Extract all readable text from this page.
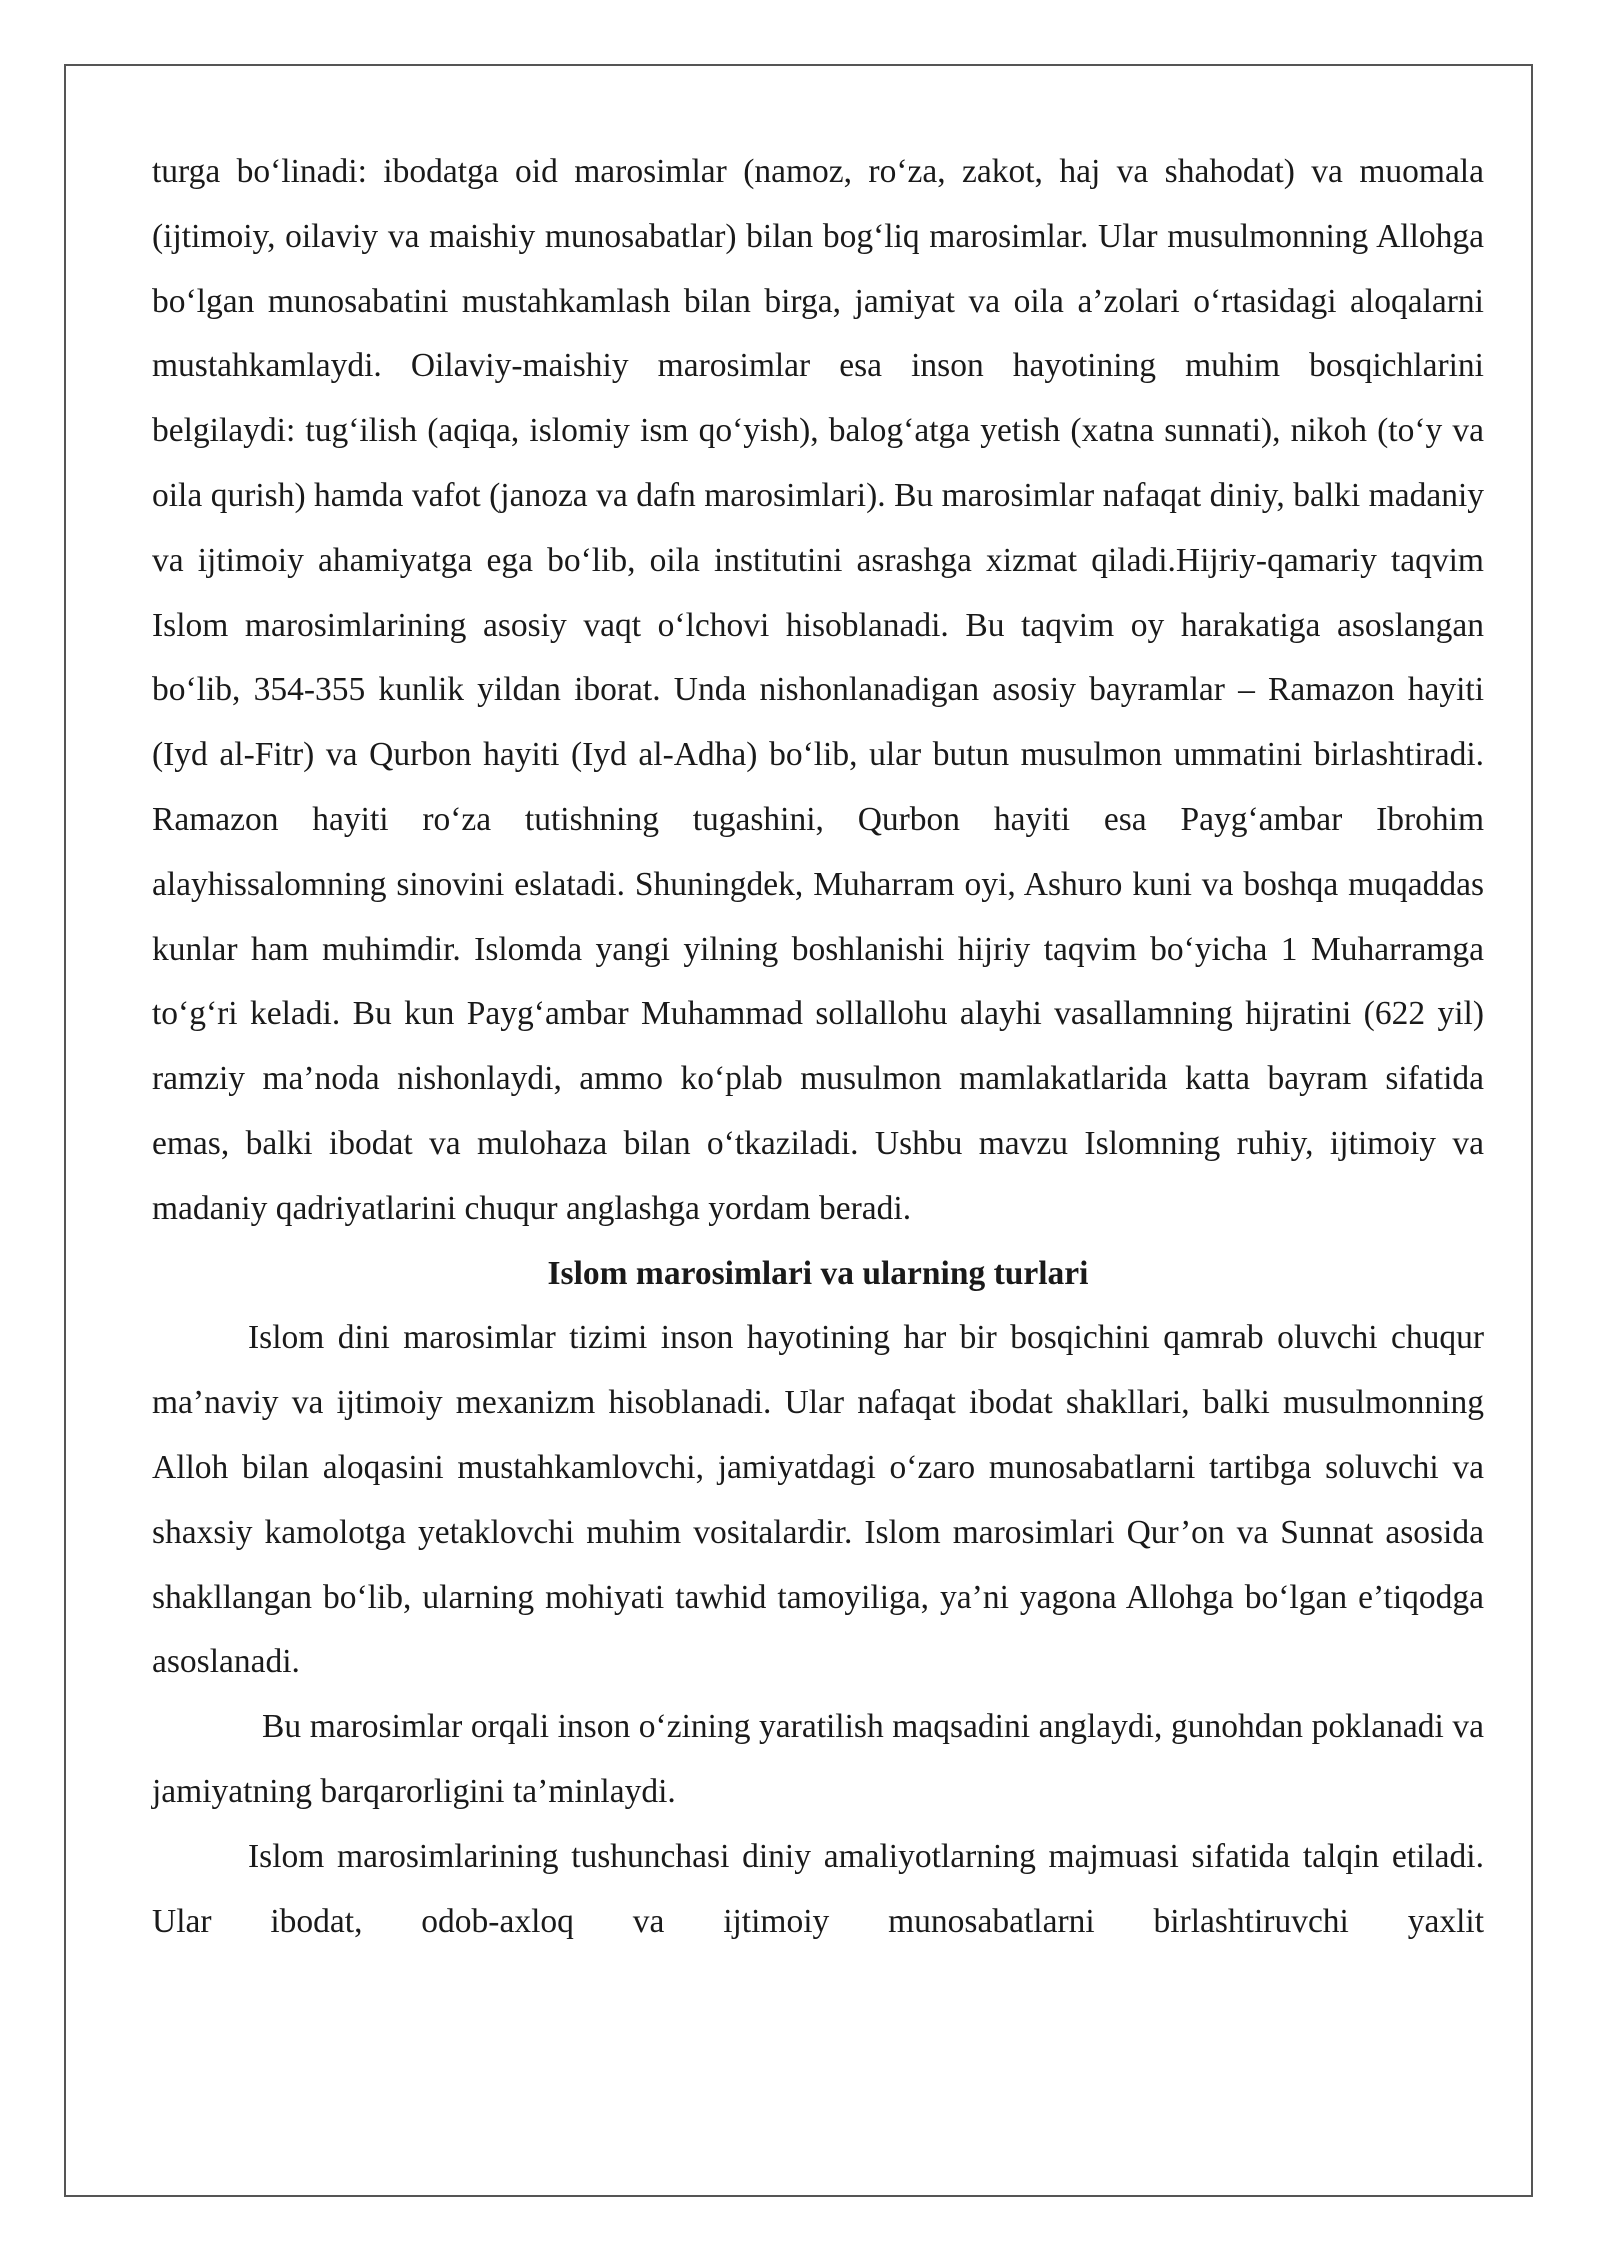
turga bo‘linadi: ibodatga oid marosimlar (namoz, ro‘za, zakot, haj va shahodat) va muomala (ijtimoiy, oilaviy va maishiy munosabatlar) bilan bog‘liq marosimlar. Ular musulmonning Allohga bo‘lgan munosabatini mustahkamlash bilan birga, jamiyat va oila a’zolari o‘rtasidagi aloqalarni mustahkamlaydi. Oilaviy-maishiy marosimlar esa inson hayotining muhim bosqichlarini belgilaydi: tug‘ilish (aqiqa, islomiy ism qo‘yish), balog‘atga yetish (xatna sunnati), nikoh (to‘y va oila qurish) hamda vafot (janoza va dafn marosimlari). Bu marosimlar nafaqat diniy, balki madaniy va ijtimoiy ahamiyatga ega bo‘lib, oila institutini asrashga xizmat qiladi.Hijriy-qamariy taqvim Islom marosimlarining asosiy vaqt o‘lchovi hisoblanadi. Bu taqvim oy harakatiga asoslangan bo‘lib, 354-355 kunlik yildan iborat. Unda nishonlanadigan asosiy bayramlar – Ramazon hayiti (Iyd al-Fitr) va Qurbon hayiti (Iyd al-Adha) bo‘lib, ular butun musulmon ummatini birlashtiradi. Ramazon hayiti ro‘za tutishning tugashini, Qurbon hayiti esa Payg‘ambar Ibrohim alayhissalomning sinovini eslatadi. Shuningdek, Muharram oyi, Ashuro kuni va boshqa muqaddas kunlar ham muhimdir. Islomda yangi yilning boshlanishi hijriy taqvim bo‘yicha 1 Muharramga to‘g‘ri keladi. Bu kun Payg‘ambar Muhammad sollallohu alayhi vasallamning hijratini (622 yil) ramziy ma’noda nishonlaydi, ammo ko‘plab musulmon mamlakatlarida katta bayram sifatida emas, balki ibodat va mulohaza bilan o‘tkaziladi. Ushbu mavzu Islomning ruhiy, ijtimoiy va madaniy qadriyatlarini chuqur anglashga yordam beradi.

Islom marosimlari va ularning turlari

Islom dini marosimlar tizimi inson hayotining har bir bosqichini qamrab oluvchi chuqur ma’naviy va ijtimoiy mexanizm hisoblanadi. Ular nafaqat ibodat shakllari, balki musulmonning Alloh bilan aloqasini mustahkamlovchi, jamiyatdagi o‘zaro munosabatlarni tartibga soluvchi va shaxsiy kamolotga yetaklovchi muhim vositalardir. Islom marosimlari Qur’on va Sunnat asosida shakllangan bo‘lib, ularning mohiyati tawhid tamoyiliga, ya’ni yagona Allohga bo‘lgan e’tiqodga asoslanadi.

Bu marosimlar orqali inson o‘zining yaratilish maqsadini anglaydi, gunohdan poklanadi va jamiyatning barqarorligini ta’minlaydi.

Islom marosimlarining tushunchasi diniy amaliyotlarning majmuasi sifatida talqin etiladi. Ular ibodat, odob-axloq va ijtimoiy munosabatlarni birlashtiruvchi yaxlit
